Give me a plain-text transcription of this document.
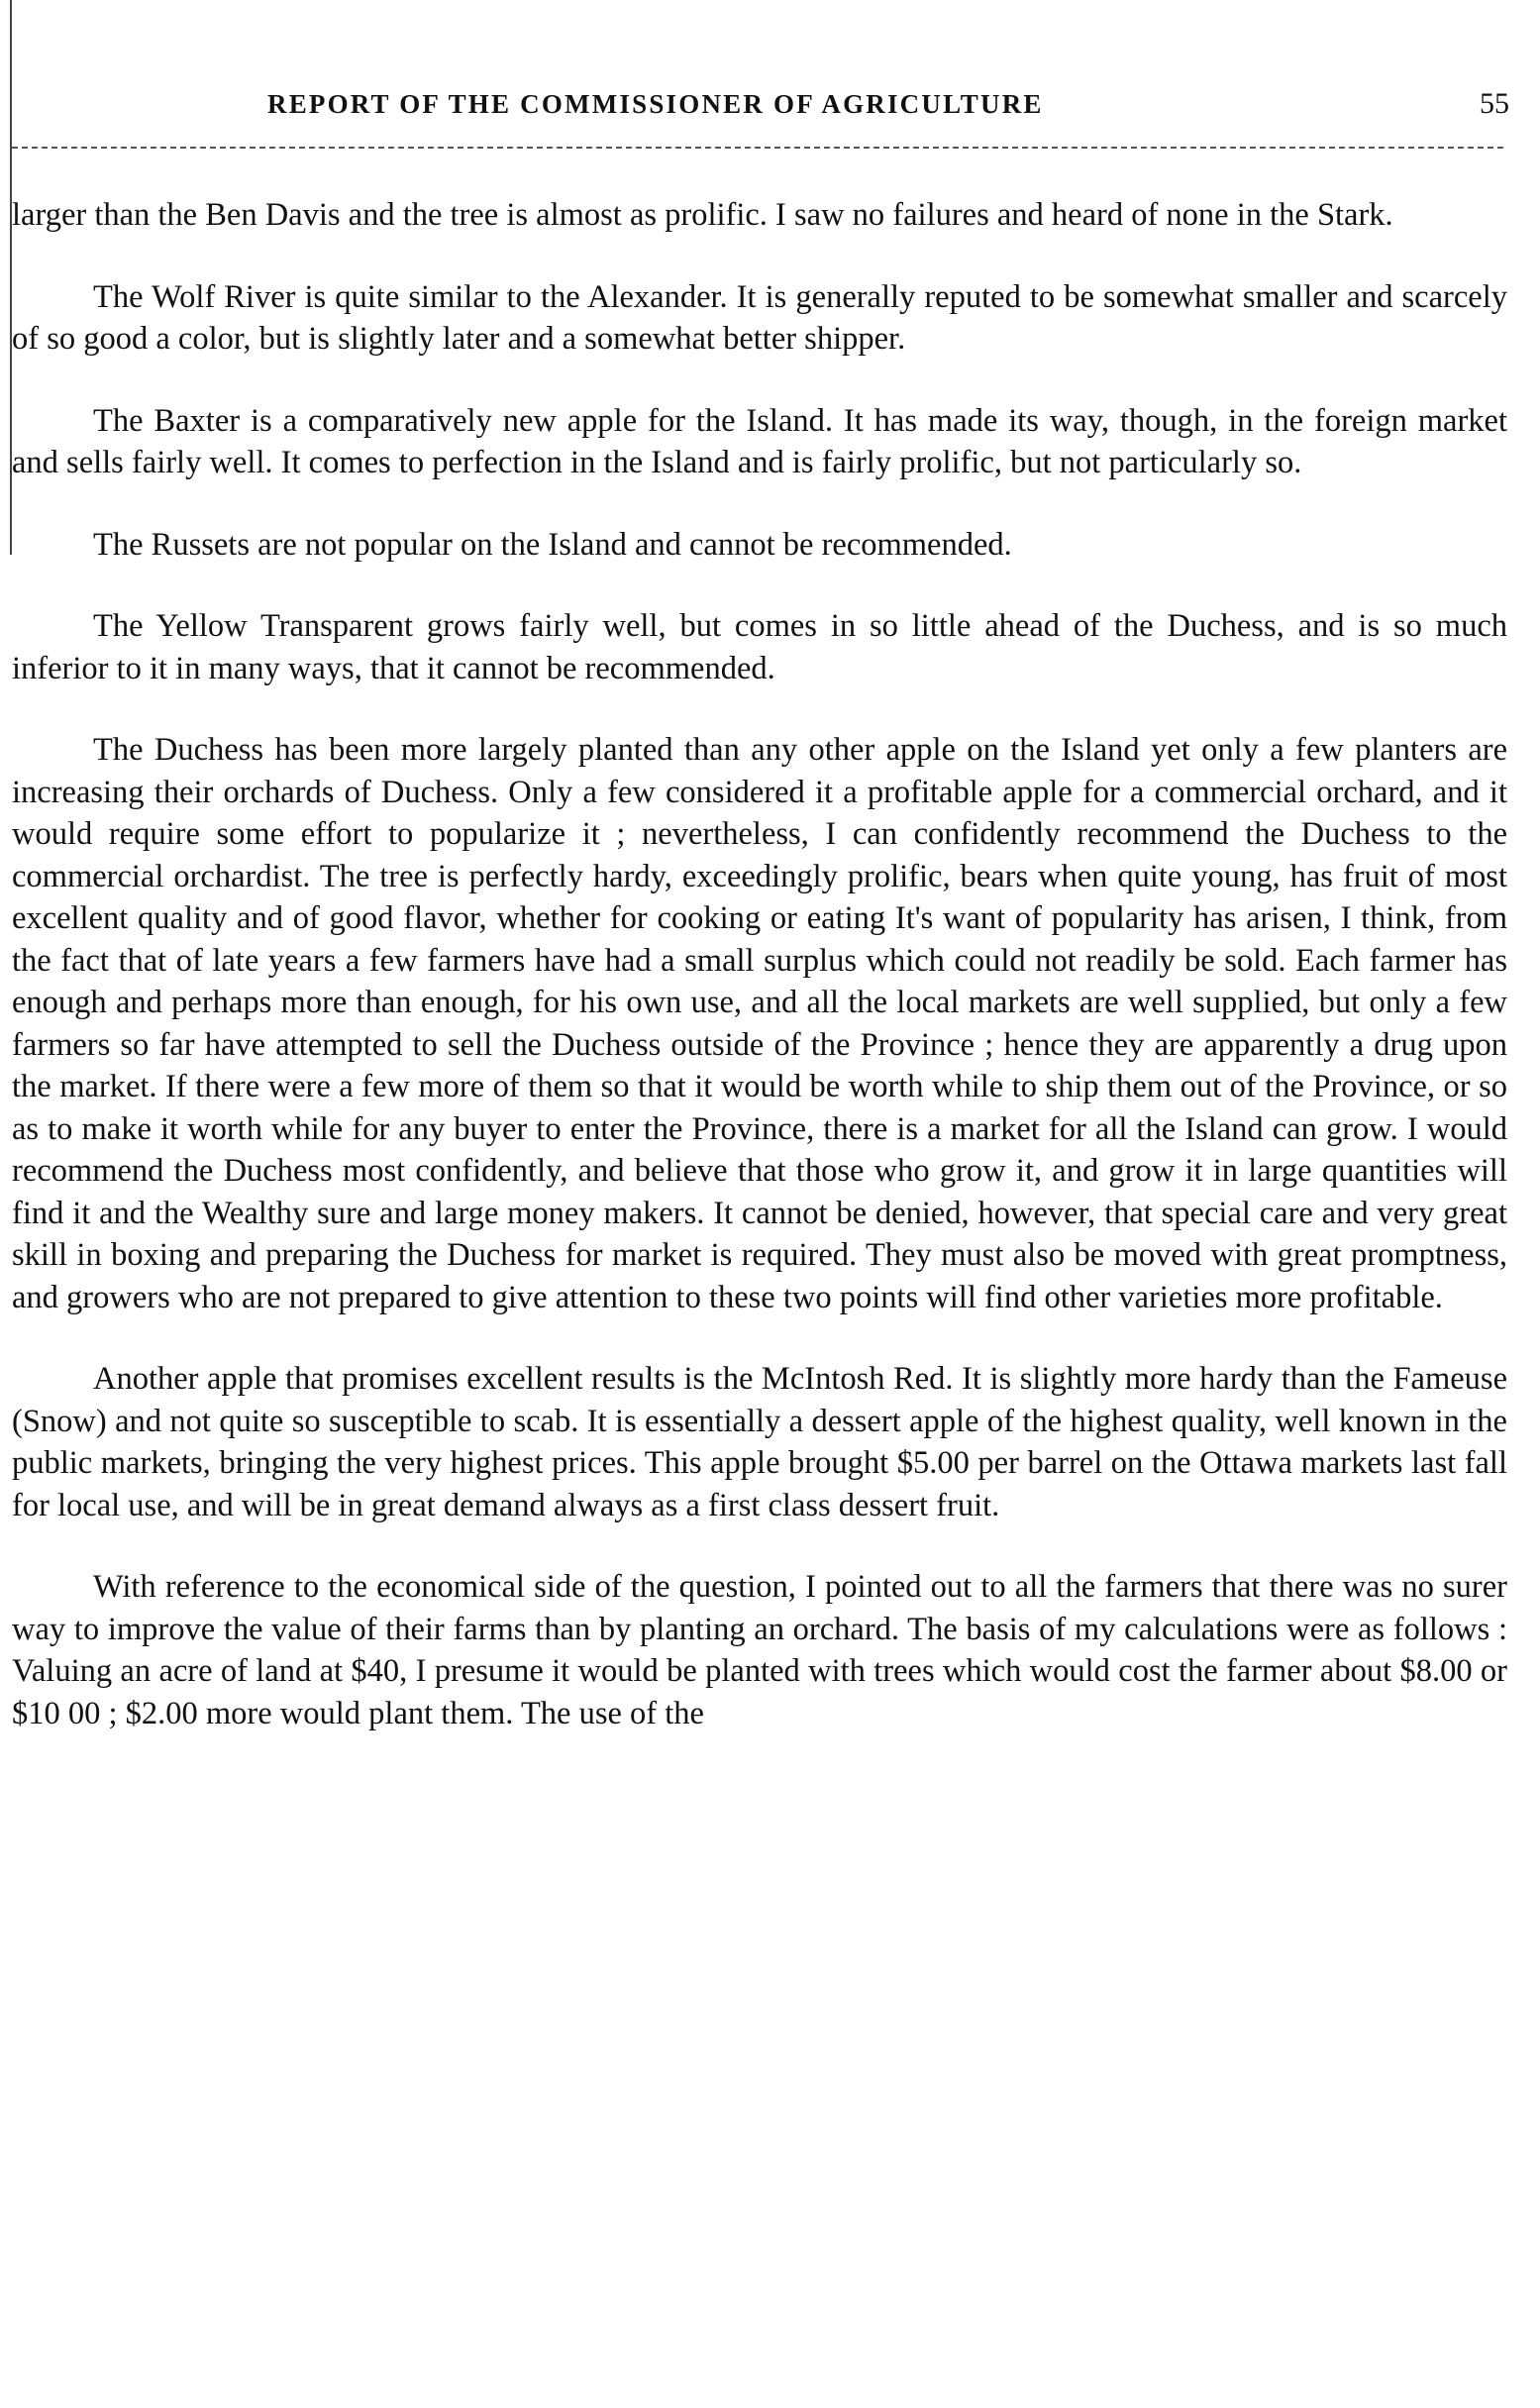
REPORT OF THE COMMISSIONER OF AGRICULTURE	55

larger than the Ben Davis and the tree is almost as prolific. I saw no failures and heard of none in the Stark.

The Wolf River is quite similar to the Alexander. It is generally reputed to be somewhat smaller and scarcely of so good a color, but is slightly later and a somewhat better shipper.

The Baxter is a comparatively new apple for the Island. It has made its way, though, in the foreign market and sells fairly well. It comes to perfection in the Island and is fairly prolific, but not particularly so.

The Russets are not popular on the Island and cannot be recommended.

The Yellow Transparent grows fairly well, but comes in so little ahead of the Duchess, and is so much inferior to it in many ways, that it cannot be recommended.

The Duchess has been more largely planted than any other apple on the Island yet only a few planters are increasing their orchards of Duchess. Only a few considered it a profitable apple for a commercial orchard, and it would require some effort to popularize it ; nevertheless, I can confidently recommend the Duchess to the commercial orchardist. The tree is perfectly hardy, exceedingly prolific, bears when quite young, has fruit of most excellent quality and of good flavor, whether for cooking or eating It's want of popularity has arisen, I think, from the fact that of late years a few farmers have had a small surplus which could not readily be sold. Each farmer has enough and perhaps more than enough, for his own use, and all the local markets are well supplied, but only a few farmers so far have attempted to sell the Duchess outside of the Province ; hence they are apparently a drug upon the market. If there were a few more of them so that it would be worth while to ship them out of the Province, or so as to make it worth while for any buyer to enter the Province, there is a market for all the Island can grow. I would recommend the Duchess most confidently, and believe that those who grow it, and grow it in large quantities will find it and the Wealthy sure and large money makers. It cannot be denied, however, that special care and very great skill in boxing and preparing the Duchess for market is required. They must also be moved with great promptness, and growers who are not prepared to give attention to these two points will find other varieties more profitable.

Another apple that promises excellent results is the McIntosh Red. It is slightly more hardy than the Fameuse (Snow) and not quite so susceptible to scab. It is essentially a dessert apple of the highest quality, well known in the public markets, bringing the very highest prices. This apple brought $5.00 per barrel on the Ottawa markets last fall for local use, and will be in great demand always as a first class dessert fruit.

With reference to the economical side of the question, I pointed out to all the farmers that there was no surer way to improve the value of their farms than by planting an orchard. The basis of my calculations were as follows : Valuing an acre of land at $40, I presume it would be planted with trees which would cost the farmer about $8.00 or $10 00 ; $2.00 more would plant them. The use of the
